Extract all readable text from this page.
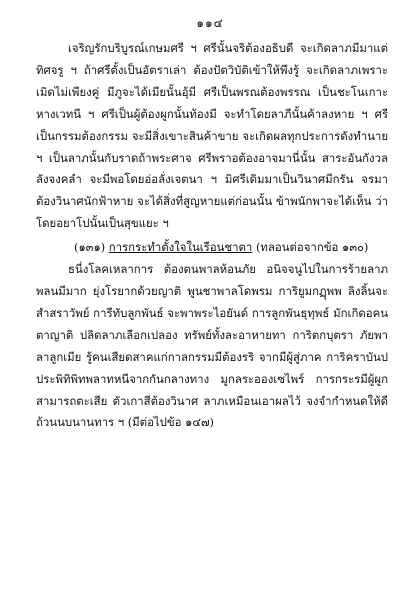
๑๑๔

เจริญรักบริบูรณ์เกษมศรี ฯ ศรีนั้นจริต้องอธิบดี จะเกิดลาภมีมาแต่ทิศจรู ฯ ถ้าศรีตั้งเป็นอัตราเล่า ต้องปัตวิบัติเข้าให้พึงรู้ จะเกิดลาภเพราะเมิดไม่เพียงคู่ มีภูจะได้เมียนั้นอุ้มี ศรีเป็นพรณต้องพรรณ เป็นชะโนเกาะหางเวทนี ฯ ศรีเป็นผู้ต้องผูกนั้นท้องมี จะทำโดยลาภีนั้นค้าลงหาย ฯ ศรีเป็นกรรมต้องกรรม จะมีสิ่งเขาะสินค้าขาย จะเกิดผลทุกประการดังทำนาย ฯ เป็นลาภนั้นกับราดถ้าพระศาจ ศรีพราอต้องอาจมานี่นั้น สาระอันกังวลลังจงคลำ จะมีพอโดยอ่อลั่งเจตนา ฯ มิศรีเดิมมาเป็นวินาศมีกรัน จรมาต้องวินาศนักฟ้าหาย จะได้สิ่งที่สูญหายแต่ก่อนนั้น ข้าพนักพาจะได้เห็น ว่าโดยอยาโปนั้นเป็นสุขแยะ ฯ

(๑๓๑) การกระทำตั้งใจในเรือนชาตา (ทลอนต่อจากข้อ ๑๓๐)

ธนี่งโลคเหลาการ ต้องตนพาลห้อนภัย อนิจจนูไปในการร้ายลาภพลนมีมาก ยุ่งโรยากด้วยญาติ พูนชาพาลโดพรม การิยูมกฏุพพ ลิงลิ้นจะสำสราวัพย์ การีทับลูกพันธ์ จะพาพระไอยันด์ การลูกพันธุทุพธ์ มักเกิดอคนตาญาติ ปลิดลาภเลือกเปลอง ทรัพย์ทั้งละอาหายทา การิตกบุตรา ภัยพาลาลูกเมีย รู้คนเสียดสาคแก่กาลกรรมมีต้องรริ จากมีผู้สู่ภาค การิคราบันป ประพิทิพิทพลาทหนีจากกันกลางทาง มูกลระอองเซไพร์ การกระรมีผู้ผูก สามารถตะเสีย ตัวเกาสีต้องวินาศ ลาภเหมือนเอาผลไว้ จงจำกำหนดให้ดีถ้วนนบนานทาร ฯ (มีต่อไปข้อ ๑๔๗)
